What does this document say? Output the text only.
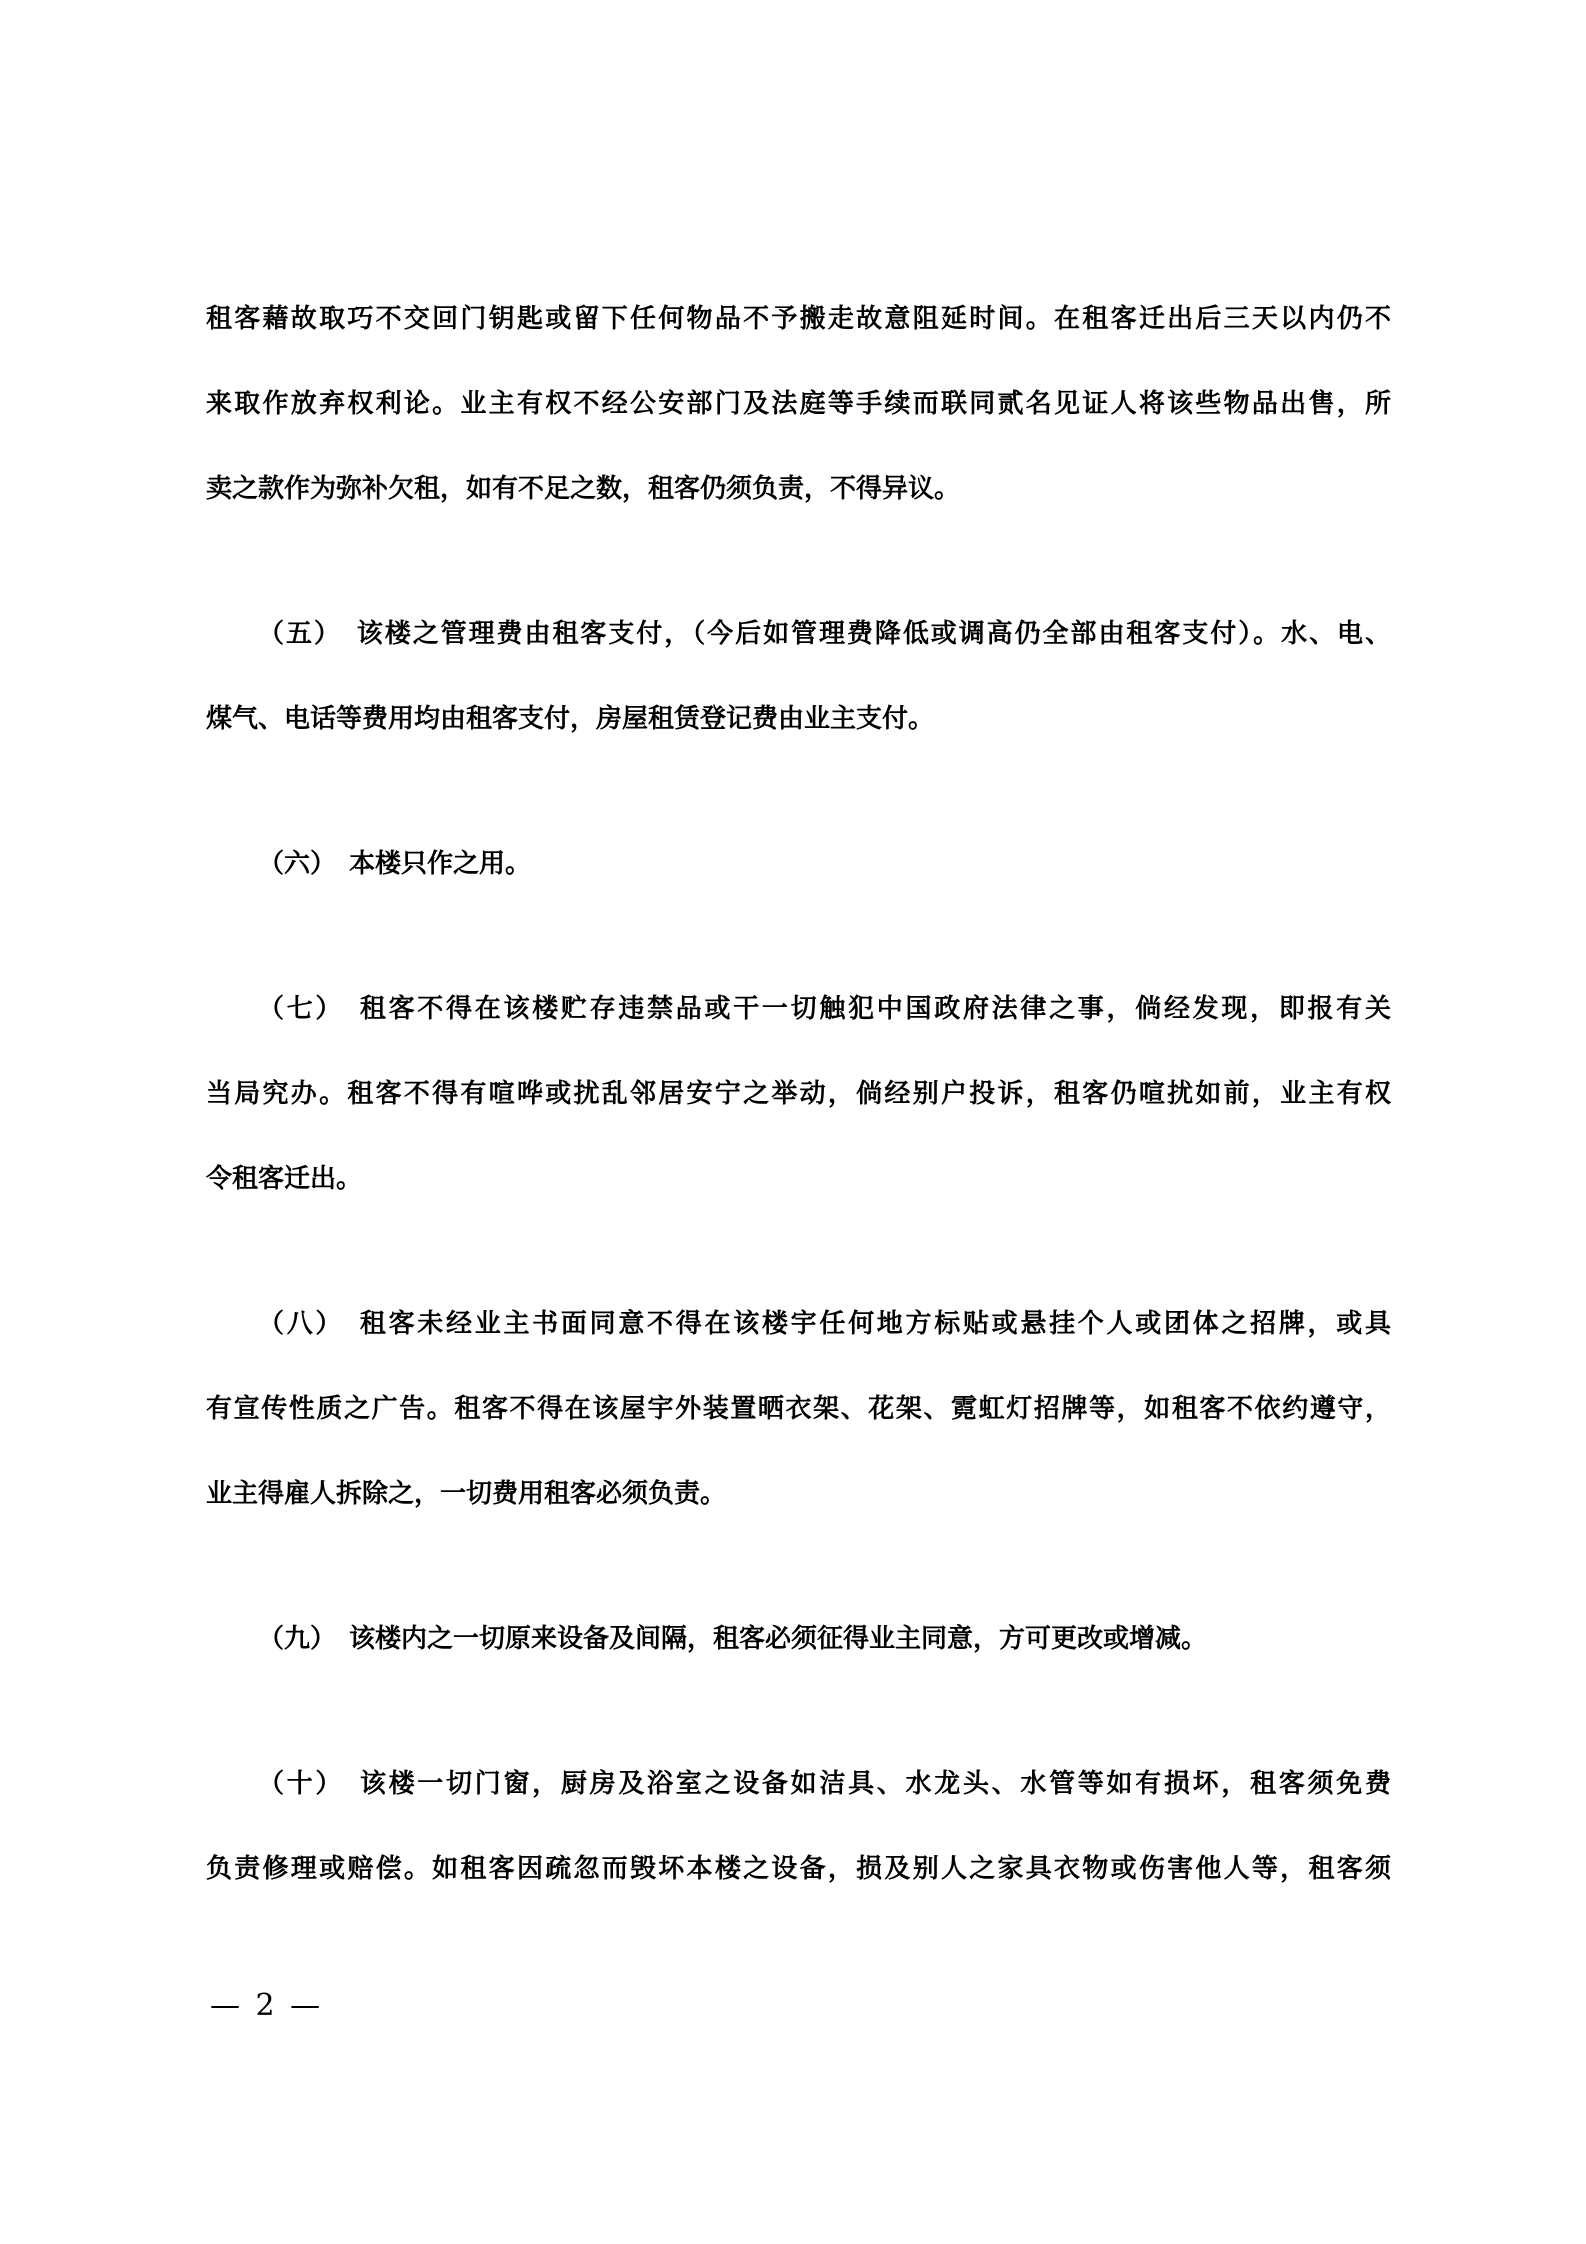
租客藉故取巧不交回门钥匙或留下任何物品不予搬走故意阻延时间。在租客迁出后三天以内仍不
来取作放弃权利论。业主有权不经公安部门及法庭等手续而联同贰名见证人将该些物品出售，所
卖之款作为弥补欠租，如有不足之数，租客仍须负责，不得异议。
（五）　该楼之管理费由租客支付，（今后如管理费降低或调高仍全部由租客支付）。水、电、
煤气、电话等费用均由租客支付，房屋租赁登记费由业主支付。
（六）　本楼只作之用。
（七）　租客不得在该楼贮存违禁品或干一切触犯中国政府法律之事，倘经发现，即报有关
当局究办。租客不得有喧哗或扰乱邻居安宁之举动，倘经别户投诉，租客仍喧扰如前，业主有权
令租客迁出。
（八）　租客未经业主书面同意不得在该楼宇任何地方标贴或悬挂个人或团体之招牌，或具
有宣传性质之广告。租客不得在该屋宇外装置晒衣架、花架、霓虹灯招牌等，如租客不依约遵守，
业主得雇人拆除之，一切费用租客必须负责。
（九）　该楼内之一切原来设备及间隔，租客必须征得业主同意，方可更改或增减。
（十）　该楼一切门窗，厨房及浴室之设备如洁具、水龙头、水管等如有损坏，租客须免费
负责修理或赔偿。如租客因疏忽而毁坏本楼之设备，损及别人之家具衣物或伤害他人等，租客须
— 2 —
